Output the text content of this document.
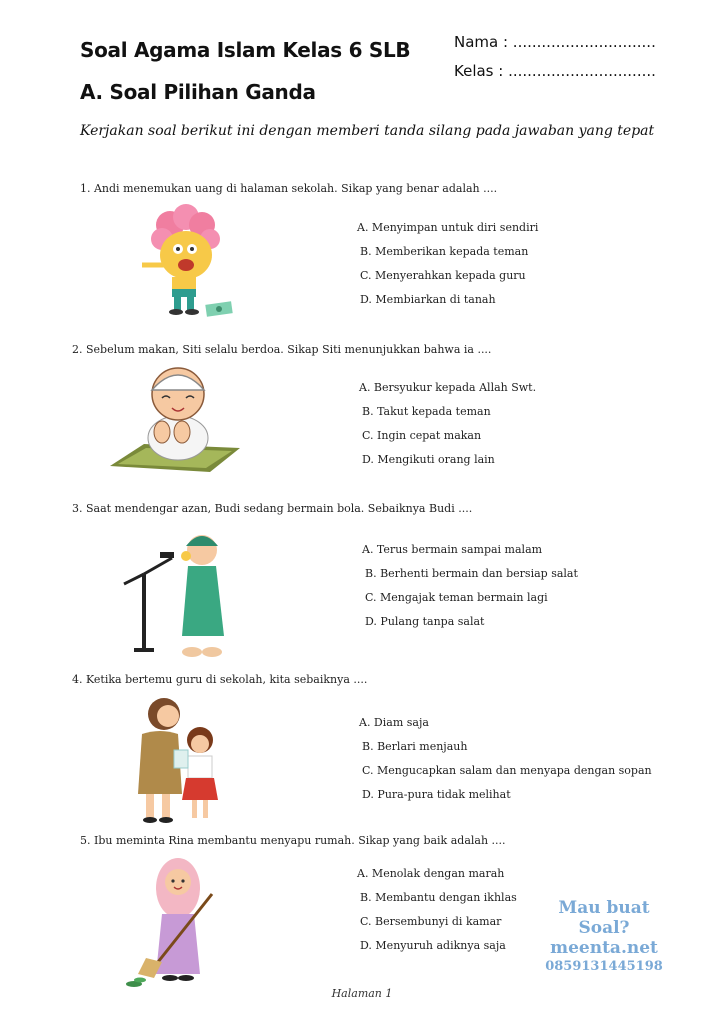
Soal Agama Islam Kelas 6 SLB
A. Soal Pilihan Ganda
Nama : ..............................
Kelas : ...............................
Kerjakan soal berikut ini dengan memberi tanda silang pada jawaban yang tepat
1. Andi menemukan uang di halaman sekolah. Sikap yang benar adalah ....
A. Menyimpan untuk diri sendiri
B. Memberikan kepada teman
C. Menyerahkan kepada guru
D. Membiarkan di tanah
2. Sebelum makan, Siti selalu berdoa. Sikap Siti menunjukkan bahwa ia ....
A. Bersyukur kepada Allah Swt.
B. Takut kepada teman
C. Ingin cepat makan
D. Mengikuti orang lain
3. Saat mendengar azan, Budi sedang bermain bola. Sebaiknya Budi ....
A. Terus bermain sampai malam
B. Berhenti bermain dan bersiap salat
C. Mengajak teman bermain lagi
D. Pulang tanpa salat
4. Ketika bertemu guru di sekolah, kita sebaiknya ....
A. Diam saja
B. Berlari menjauh
C. Mengucapkan salam dan menyapa dengan sopan
D. Pura-pura tidak melihat
5. Ibu meminta Rina membantu menyapu rumah. Sikap yang baik adalah ....
A. Menolak dengan marah
B. Membantu dengan ikhlas
C. Bersembunyi di kamar
D. Menyuruh adiknya saja
Mau buat Soal?
meenta.net
0859131445198
Halaman 1
